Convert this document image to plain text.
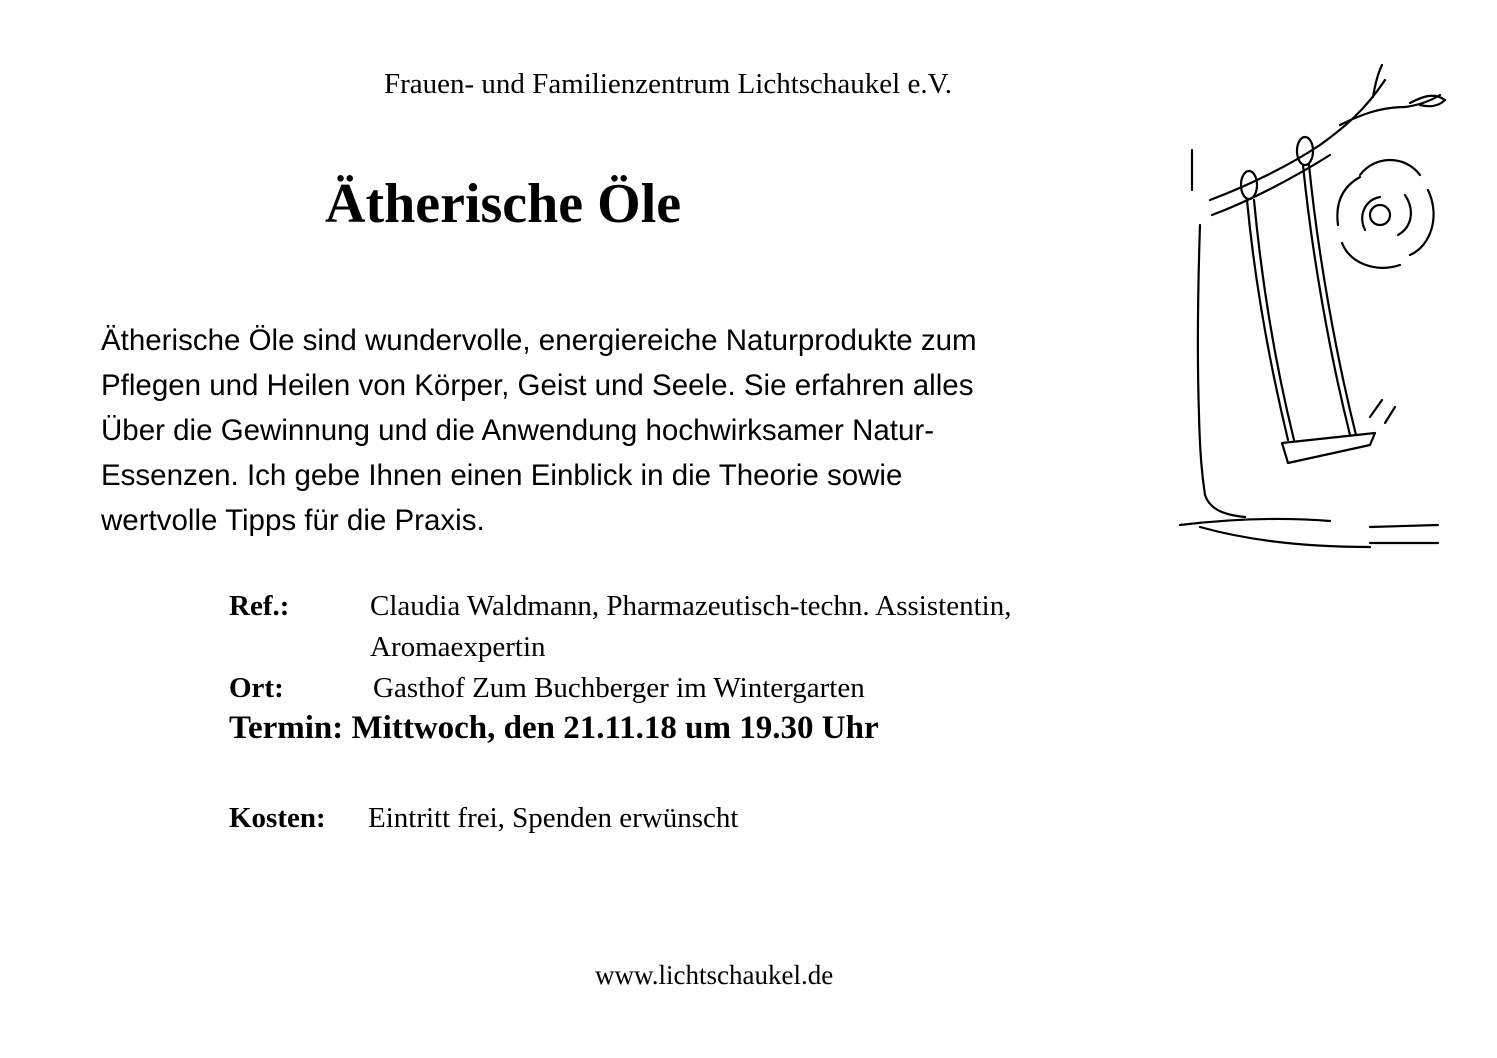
Frauen- und Familienzentrum Lichtschaukel e.V.
Ätherische Öle
Ätherische Öle sind wundervolle, energiereiche Naturprodukte zum
Pflegen und Heilen von Körper, Geist und Seele. Sie erfahren alles
Über die Gewinnung und die Anwendung hochwirksamer Natur-
Essenzen. Ich gebe Ihnen einen Einblick in die Theorie sowie
wertvolle Tipps für die Praxis.
Ref.:	Claudia Waldmann, Pharmazeutisch-techn. Assistentin,
Aromaexpertin
Ort:	Gasthof Zum Buchberger im Wintergarten
Termin: Mittwoch, den 21.11.18 um 19.30 Uhr
Kosten: Eintritt frei, Spenden erwünscht
www.lichtschaukel.de
